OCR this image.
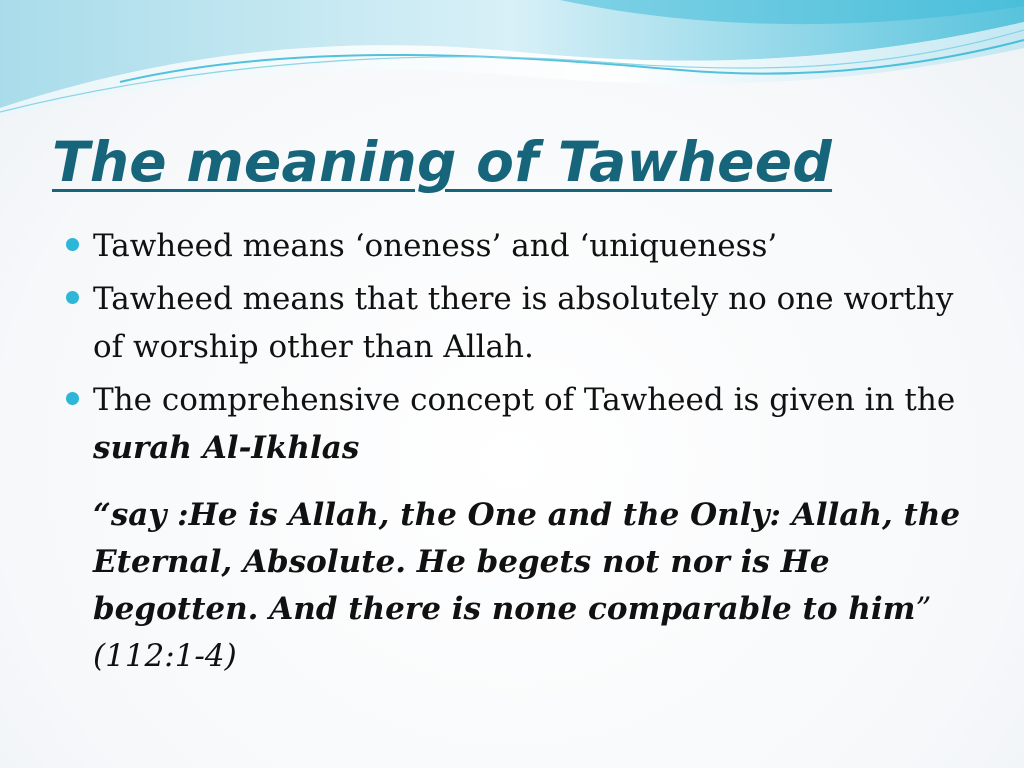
The meaning of Tawheed
Tawheed means ‘oneness’ and ‘uniqueness’
Tawheed means that there is absolutely no one worthy of worship other than Allah.
The comprehensive concept of Tawheed is given in the surah Al-Ikhlas

“say :He is Allah, the One and the Only: Allah, the Eternal, Absolute. He begets not nor is He begotten. And there is none comparable to him” (112:1-4)
